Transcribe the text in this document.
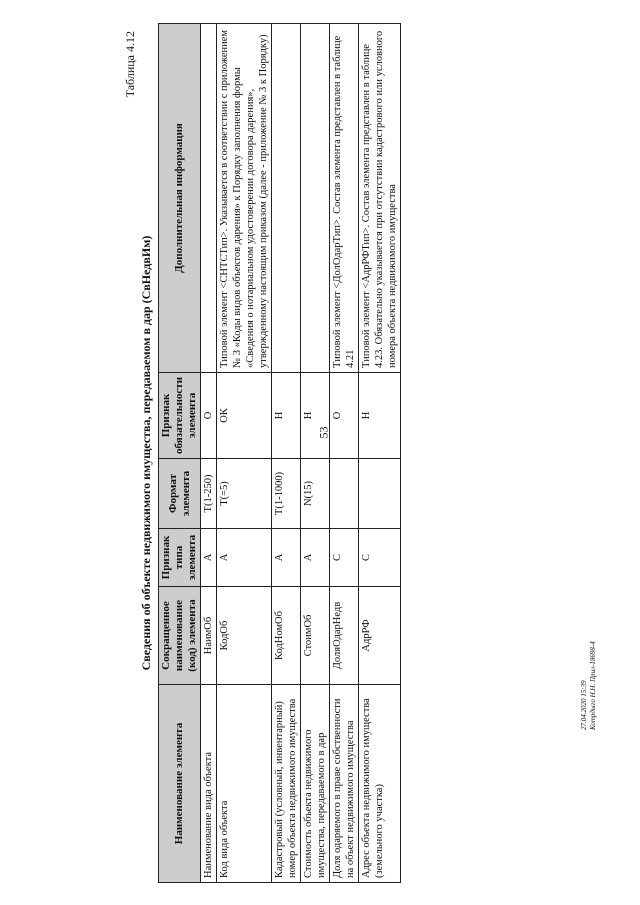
53
Таблица 4.12
Сведения об объекте недвижимого имущества, передаваемом в дар (СвНедвИм)
Наименование элемента	Сокращенное наименование (код) элемента	Признак типа элемента	Формат элемента	Признак обязательности элемента	Дополнительная информация
Наименование вида объекта	НаимОб	А	T(1-250)	О	
Код вида объекта	КодОб	А	T(=5)	ОК	Типовой элемент <СНТСТип>. Указывается в соответствии с приложением № 3 «Коды видов объектов дарения» к Порядку заполнения формы «Сведения о нотариальном удостоверении договора дарения», утвержденному настоящим приказом (далее - приложение № 3 к Порядку)
Кадастровый (условный, инвентарный) номер объекта недвижимого имущества	КодНомОб	А	T(1-1000)	Н	
Стоимость объекта недвижимого имущества, передаваемого в дар	СтоимОб	А	N(15)	Н	
Доля одаряемого в праве собственности на объект недвижимого имущества	ДоляОдарНедв	С		О	Типовой элемент <ДолОдарТип>. Состав элемента представлен в таблице 4.21
Адрес объекта недвижимого имущества (земельного участка)	АдрРФ	С		Н	Типовой элемент <АдрРФТип>. Состав элемента представлен в таблице 4.23. Обязательно указывается при отсутствии кадастрового или условного номера объекта недвижимого имущества
27.04.2020 15:39
Котрдыго Н.Н. Прил-18698-4
